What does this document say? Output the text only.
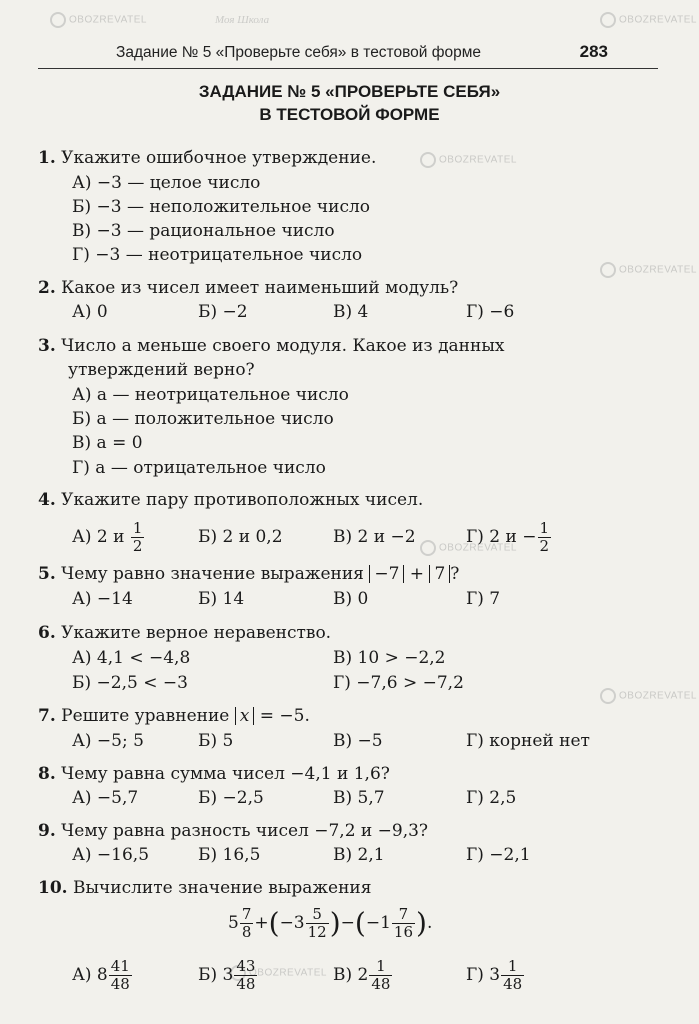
OBOZREVATEL	Моя Школа	OBOZREVATEL
OBOZREVATEL
OBOZREVATEL
OBOZREVATEL
OBOZREVATEL
OBOZREVATEL
Задание № 5 «Проверьте себя» в тестовой форме	283
ЗАДАНИЕ № 5 «ПРОВЕРЬТЕ СЕБЯ»
В ТЕСТОВОЙ ФОРМЕ
1. Укажите ошибочное утверждение.
А) −3 — целое число
Б) −3 — неположительное число
В) −3 — рациональное число
Г) −3 — неотрицательное число
2. Какое из чисел имеет наименьший модуль?
А) 0	Б) −2	В) 4	Г) −6
3. Число a меньше своего модуля. Какое из данных
утверждений верно?
А) a — неотрицательное число
Б) a — положительное число
В) a = 0
Г) a — отрицательное число
4. Укажите пару противоположных чисел.
А) 2 и $\frac{1}{2}$	Б) 2 и 0,2	В) 2 и −2	Г) 2 $и - \frac{1}{2}$
5. Чему равно значение выражения −7 + 7 ?
А) −14	Б) 14	В) 0	Г) 7
6. Укажите верное неравенство.
А) 4,1 < −4,8	В) 10 > −2,2
Б) −2,5 < −3	Г) −7,6 > −7,2
7. Решите уравнение x = −5.
А) −5; 5	Б) 5	В) −5	Г) корней нет
8. Чему равна сумма чисел −4,1 и 1,6?
А) −5,7	Б) −2,5	В) 5,7	Г) 2,5
9. Чему равна разность чисел −7,2 и −9,3?
А) −16,5	Б) 16,5	В) 2,1	Г) −2,1
10. Вычислите значение выражения
$5 \frac{7}{8} +(-3 \frac{5}{12} )-(-1 \frac{7}{16}$ ).
А) $8 \frac{41}{48}$	Б) $3 \frac{43}{48}$	В) $2 \frac{1}{48}$	Г) $3 \frac{1}{48}$
